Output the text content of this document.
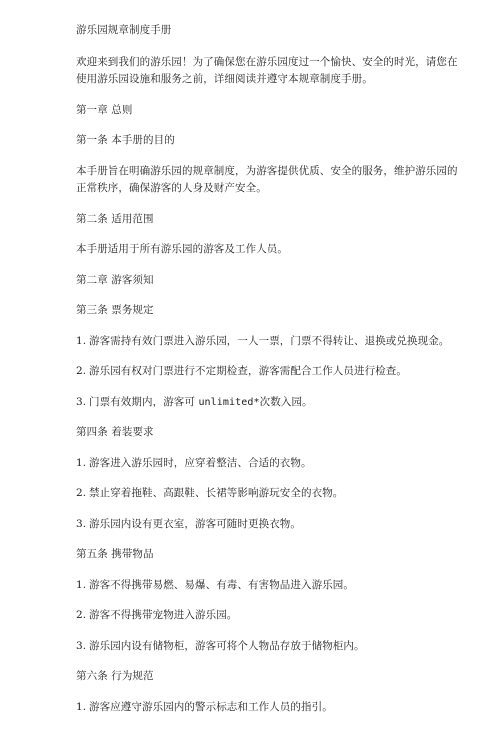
游乐园规章制度手册

欢迎来到我们的游乐园！为了确保您在游乐园度过一个愉快、安全的时光，请您在

使用游乐园设施和服务之前，详细阅读并遵守本规章制度手册。

第一章 总则

第一条 本手册的目的

本手册旨在明确游乐园的规章制度，为游客提供优质、安全的服务，维护游乐园的

正常秩序，确保游客的人身及财产安全。

第二条 适用范围

本手册适用于所有游乐园的游客及工作人员。

第二章 游客须知

第三条 票务规定

1. 游客需持有效门票进入游乐园，一人一票，门票不得转让、退换或兑换现金。

2. 游乐园有权对门票进行不定期检查，游客需配合工作人员进行检查。

3. 门票有效期内，游客可 unlimited*次数入园。

第四条 着装要求

1. 游客进入游乐园时，应穿着整洁、合适的衣物。

2. 禁止穿着拖鞋、高跟鞋、长裙等影响游玩安全的衣物。

3. 游乐园内设有更衣室，游客可随时更换衣物。

第五条 携带物品

1. 游客不得携带易燃、易爆、有毒、有害物品进入游乐园。

2. 游客不得携带宠物进入游乐园。

3. 游乐园内设有储物柜，游客可将个人物品存放于储物柜内。

第六条 行为规范

1. 游客应遵守游乐园内的警示标志和工作人员的指引。
